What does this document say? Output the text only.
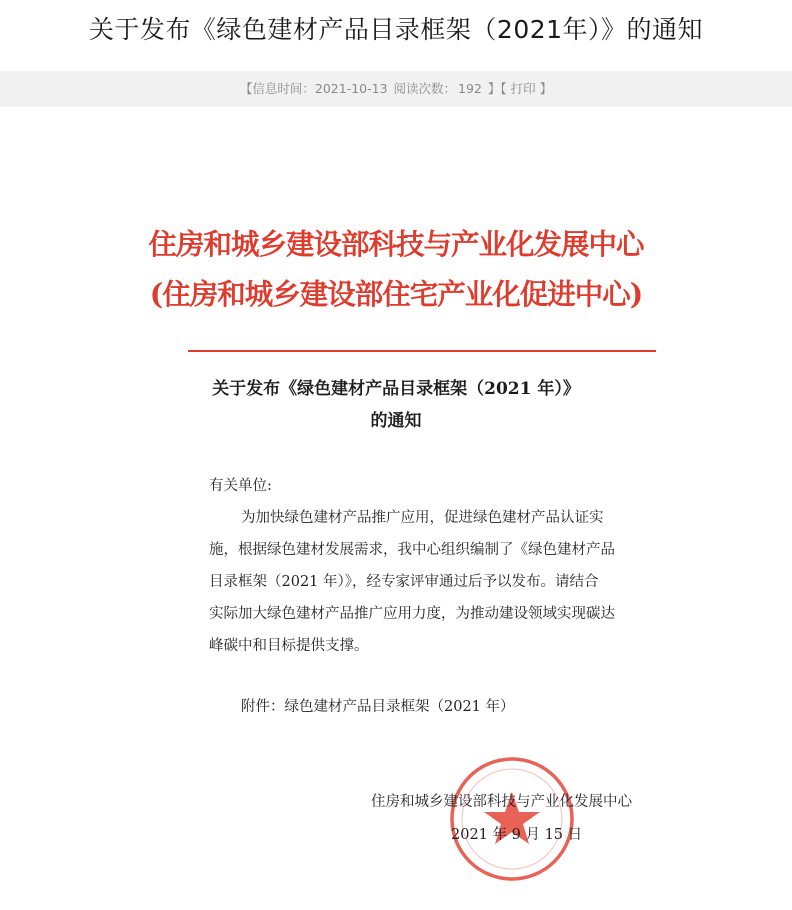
关于发布《绿色建材产品目录框架（2021年）》的通知
【信息时间：2021-10-13 阅读次数： 192 】【 打印 】
住房和城乡建设部科技与产业化发展中心
(住房和城乡建设部住宅产业化促进中心)
关于发布《绿色建材产品目录框架（2021 年）》
的通知
有关单位:
为加快绿色建材产品推广应用，促进绿色建材产品认证实
施，根据绿色建材发展需求，我中心组织编制了《绿色建材产品
目录框架（2021 年）》，经专家评审通过后予以发布。请结合
实际加大绿色建材产品推广应用力度，为推动建设领域实现碳达
峰碳中和目标提供支撑。
附件：绿色建材产品目录框架（2021 年）
住房和城乡建设部科技与产业化发展中心
2021 年 9 月 15 日
